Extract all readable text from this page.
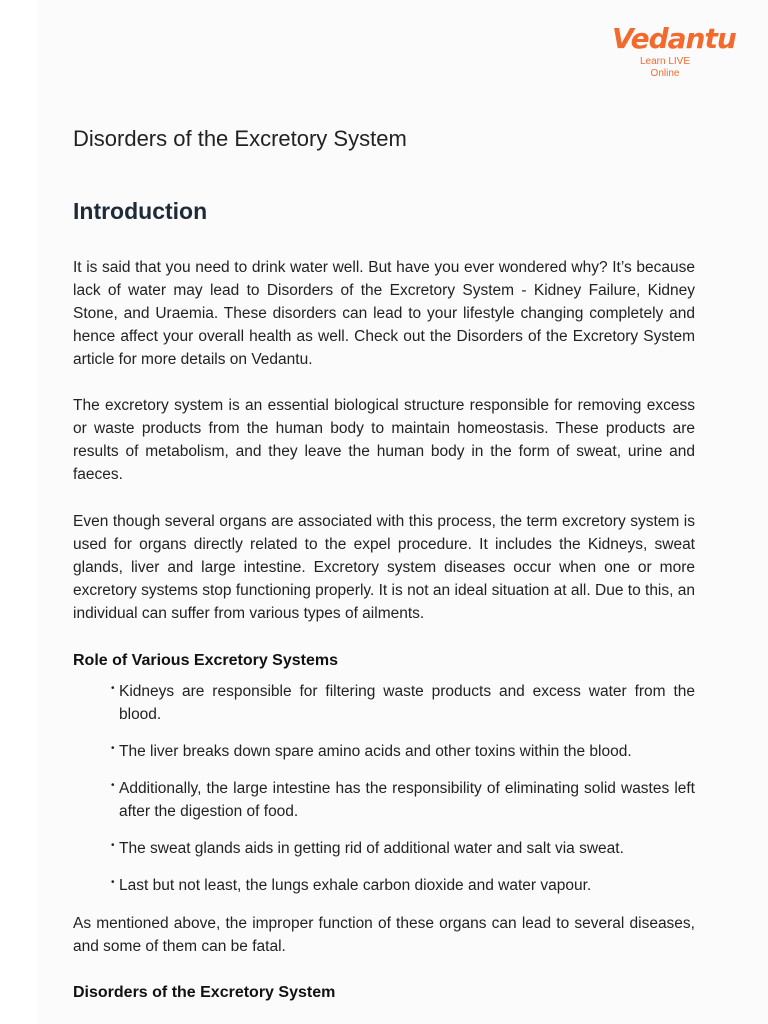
Vedantu
Learn LIVE Online
Disorders of the Excretory System
Introduction

It is said that you need to drink water well. But have you ever wondered why? It’s because lack of water may lead to Disorders of the Excretory System - Kidney Failure, Kidney Stone, and Uraemia. These disorders can lead to your lifestyle changing completely and hence affect your overall health as well. Check out the Disorders of the Excretory System article for more details on Vedantu.

The excretory system is an essential biological structure responsible for removing excess or waste products from the human body to maintain homeostasis. These products are results of metabolism, and they leave the human body in the form of sweat, urine and faeces.

Even though several organs are associated with this process, the term excretory system is used for organs directly related to the expel procedure. It includes the Kidneys, sweat glands, liver and large intestine. Excretory system diseases occur when one or more excretory systems stop functioning properly. It is not an ideal situation at all. Due to this, an individual can suffer from various types of ailments.

Role of Various Excretory Systems
• Kidneys are responsible for filtering waste products and excess water from the blood.
• The liver breaks down spare amino acids and other toxins within the blood.
• Additionally, the large intestine has the responsibility of eliminating solid wastes left after the digestion of food.
• The sweat glands aids in getting rid of additional water and salt via sweat.
• Last but not least, the lungs exhale carbon dioxide and water vapour.

As mentioned above, the improper function of these organs can lead to several diseases, and some of them can be fatal.

Disorders of the Excretory System
